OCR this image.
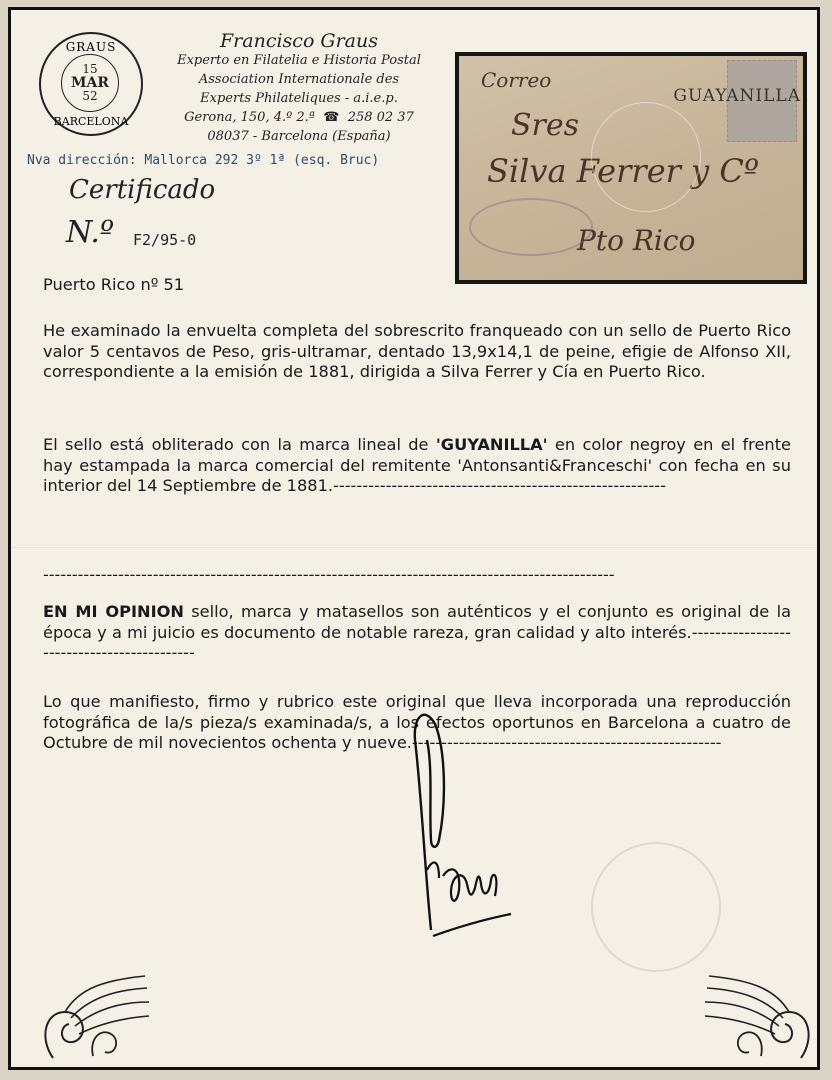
GRAUS
15
MAR
52
BARCELONA
Francisco Graus
Experto en Filatelia e Historia Postal
Association Internationale des
Experts Philateliques - a.i.e.p.
Gerona, 150, 4.º 2.ª  ☎  258 02 37
08037 - Barcelona (España)
Nva dirección: Mallorca 292 3º 1ª (esq. Bruc)
Certificado
N.º F2/95-0
GUAYANILLA
Correo
Sres
Silva Ferrer y Cº
Pto Rico

Puerto Rico nº 51

He examinado la envuelta completa del sobrescrito franqueado con un sello de Puerto Rico valor 5 centavos de Peso, gris-ultramar, dentado 13,9x14,1 de peine, efigie de Alfonso XII, correspondiente a la emisión de 1881, dirigida a Silva Ferrer y Cía en Puerto Rico.

El sello está obliterado con la marca lineal de 'GUYANILLA' en color negroy en el frente hay estampada la marca comercial del remitente 'Antonsanti&Franceschi' con fecha en su interior del 14 Septiembre de 1881.---------------------------------------------------------

---------------------------------------------------------------------------------------------------

EN MI OPINION sello, marca y matasellos son auténticos y el conjunto es original de la época y a mi juicio es documento de notable rareza, gran calidad y alto interés.-------------------------------------------

Lo que manifiesto, firmo y rubrico este original que lleva incorporada una reproducción fotográfica de la/s pieza/s examinada/s, a los efectos oportunos en Barcelona a cuatro de Octubre de mil novecientos ochenta y nueve.-----------------------------------------------------
